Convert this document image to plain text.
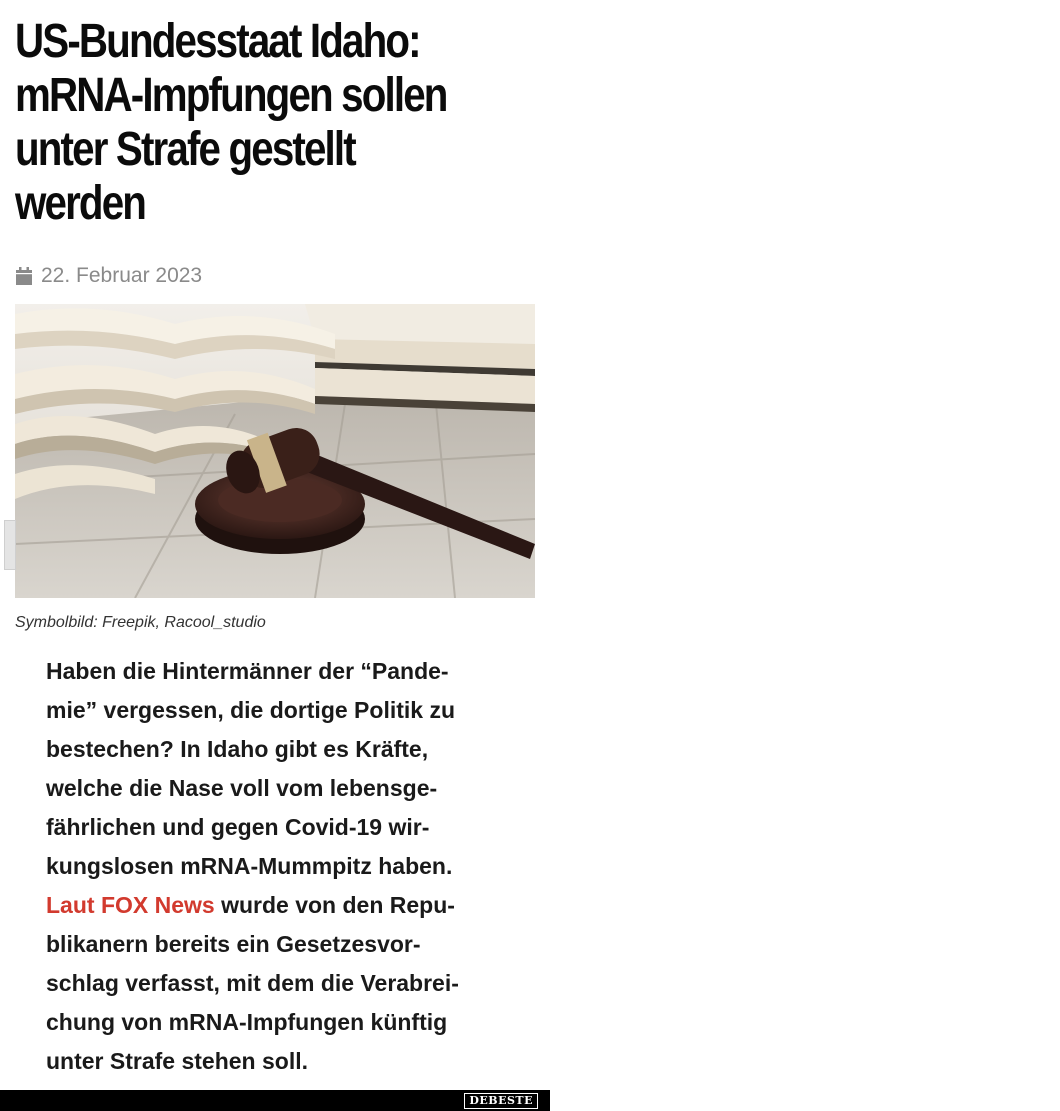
US-Bundesstaat Idaho:
mRNA-Impfungen sollen
unter Strafe gestellt
werden
22. Februar 2023
Symbolbild: Freepik, Racool_studio
Haben die Hintermänner der “Pande-
mie” vergessen, die dortige Politik zu
bestechen? In Idaho gibt es Kräfte,
welche die Nase voll vom lebensge-
fährlichen und gegen Covid-19 wir-
kungslosen mRNA-Mummpitz haben.
Laut FOX News wurde von den Repu-
blikanern bereits ein Gesetzesvor-
schlag verfasst, mit dem die Verabrei-
chung von mRNA-Impfungen künftig
unter Strafe stehen soll.
DEBESTE
